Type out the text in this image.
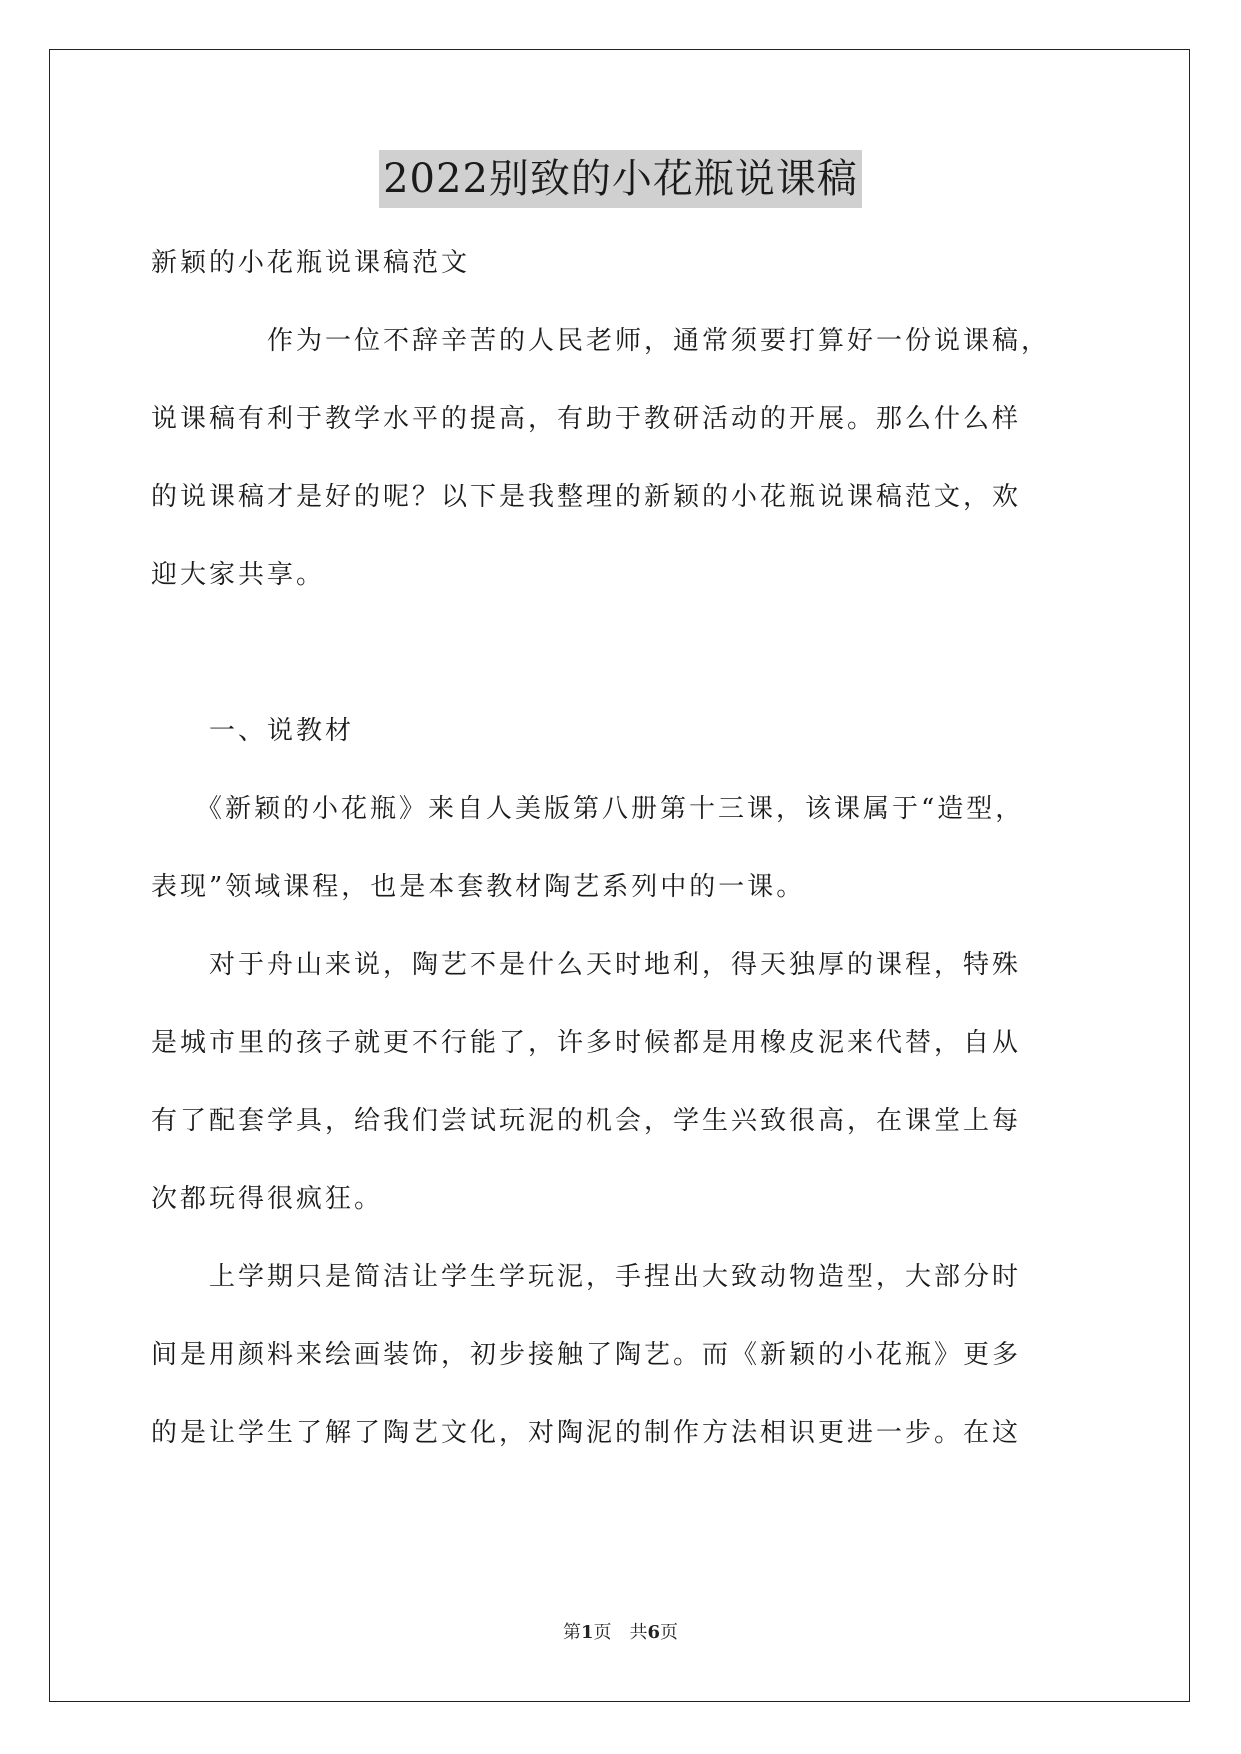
2022别致的小花瓶说课稿
新颖的小花瓶说课稿范文
　　　　作为一位不辞辛苦的人民老师，通常须要打算好一份说课稿，
说课稿有利于教学水平的提高，有助于教研活动的开展。那么什么样
的说课稿才是好的呢？以下是我整理的新颖的小花瓶说课稿范文，欢
迎大家共享。
　　一、说教材
　　《新颖的小花瓶》来自人美版第八册第十三课，该课属于“造型，
表现”领域课程，也是本套教材陶艺系列中的一课。
　　对于舟山来说，陶艺不是什么天时地利，得天独厚的课程，特殊
是城市里的孩子就更不行能了，许多时候都是用橡皮泥来代替，自从
有了配套学具，给我们尝试玩泥的机会，学生兴致很高，在课堂上每
次都玩得很疯狂。
　　上学期只是简洁让学生学玩泥，手捏出大致动物造型，大部分时
间是用颜料来绘画装饰，初步接触了陶艺。而《新颖的小花瓶》更多
的是让学生了解了陶艺文化，对陶泥的制作方法相识更进一步。在这
第1页　共6页
